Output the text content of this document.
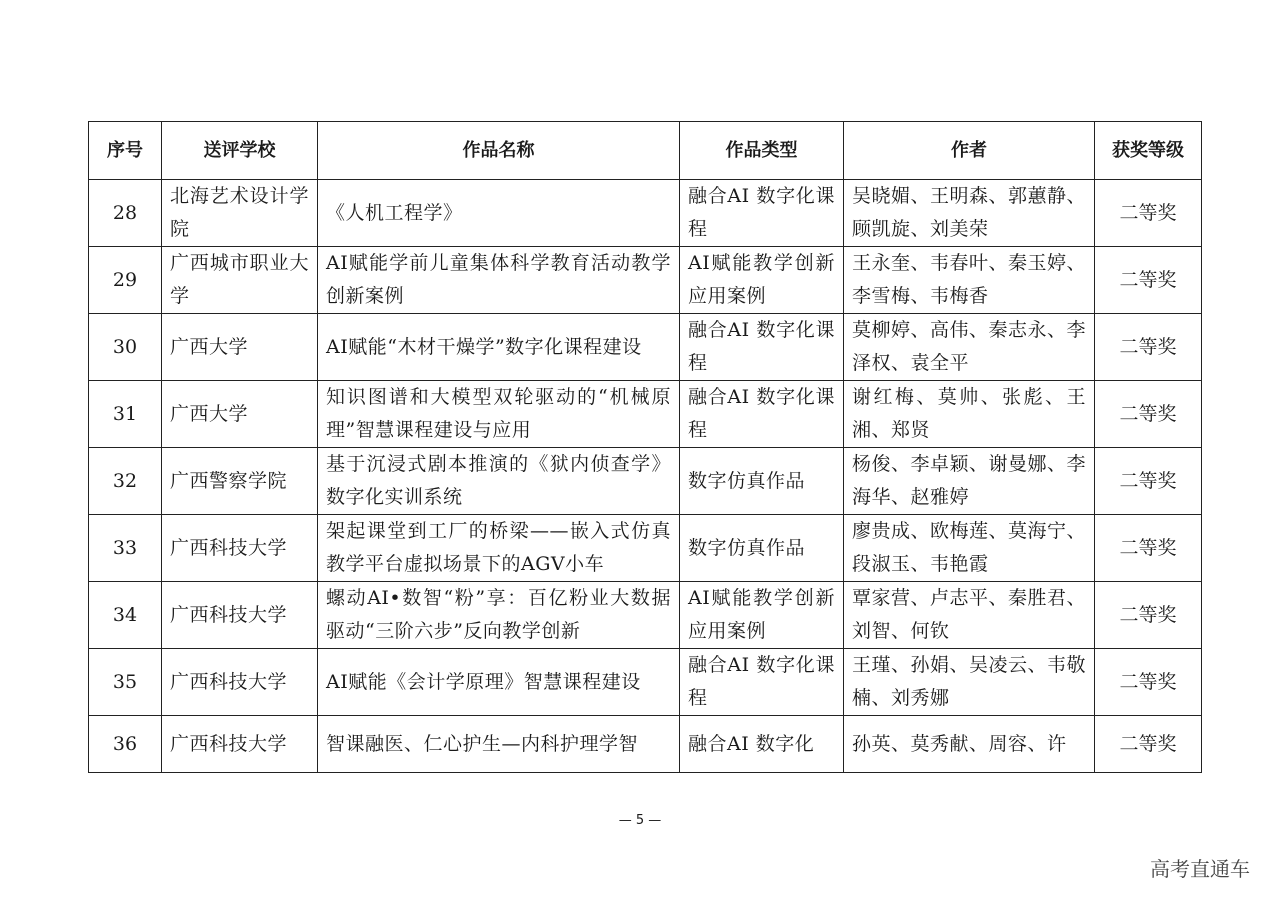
序号	送评学校	作品名称	作品类型	作者	获奖等级
28	北海艺术设计学院	《人机工程学》	融合AI 数字化课程	吴晓媚、王明森、郭蕙静、顾凯旋、刘美荣	二等奖
29	广西城市职业大学	AI赋能学前儿童集体科学教育活动教学创新案例	AI赋能教学创新应用案例	王永奎、韦春叶、秦玉婷、李雪梅、韦梅香	二等奖
30	广西大学	AI赋能“木材干燥学”数字化课程建设	融合AI 数字化课程	莫柳婷、高伟、秦志永、李泽权、袁全平	二等奖
31	广西大学	知识图谱和大模型双轮驱动的“机械原理”智慧课程建设与应用	融合AI 数字化课程	谢红梅、莫帅、张彪、王湘、郑贤	二等奖
32	广西警察学院	基于沉浸式剧本推演的《狱内侦查学》数字化实训系统	数字仿真作品	杨俊、李卓颖、谢曼娜、李海华、赵雅婷	二等奖
33	广西科技大学	架起课堂到工厂的桥梁——嵌入式仿真教学平台虚拟场景下的AGV小车	数字仿真作品	廖贵成、欧梅莲、莫海宁、段淑玉、韦艳霞	二等奖
34	广西科技大学	螺动AI•数智“粉”享：百亿粉业大数据驱动“三阶六步”反向教学创新	AI赋能教学创新应用案例	覃家营、卢志平、秦胜君、刘智、何钦	二等奖
35	广西科技大学	AI赋能《会计学原理》智慧课程建设	融合AI 数字化课程	王瑾、孙娟、吴凌云、韦敬楠、刘秀娜	二等奖
36	广西科技大学	智课融医、仁心护生—内科护理学智	融合AI 数字化	孙英、莫秀献、周容、许	二等奖
— 5 —
高考直通车
